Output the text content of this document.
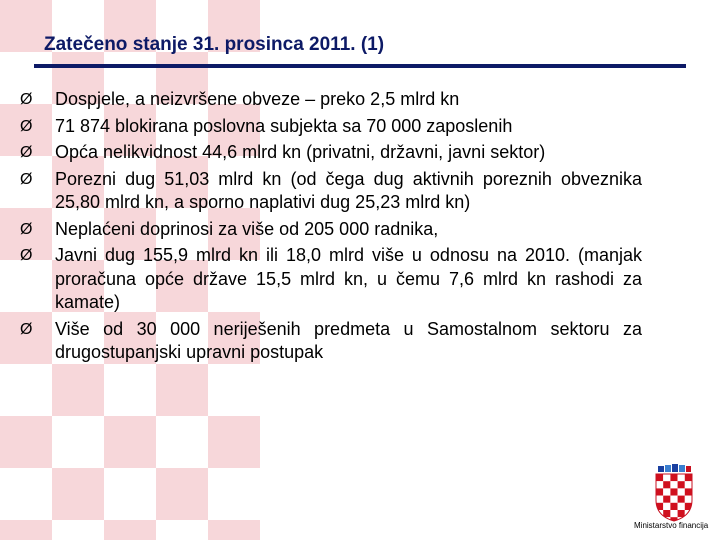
Zatečeno stanje 31. prosinca 2011. (1)
Ø Dospjele, a neizvršene obveze – preko 2,5 mlrd kn
Ø 71 874 blokirana poslovna subjekta sa 70 000 zaposlenih
Ø Opća nelikvidnost 44,6 mlrd kn (privatni, državni, javni sektor)
Ø Porezni dug 51,03 mlrd kn (od čega dug aktivnih poreznih obveznika 25,80 mlrd kn, a sporno naplativi dug 25,23 mlrd kn)
Ø Neplaćeni doprinosi za više od 205 000 radnika,
Ø Javni dug 155,9 mlrd kn ili 18,0 mlrd više u odnosu na 2010. (manjak proračuna opće države 15,5 mlrd kn, u čemu 7,6 mlrd kn rashodi za kamate)
Ø Više od 30 000 neriješenih predmeta u Samostalnom sektoru za drugostupanjski upravni postupak
Ministarstvo financija
